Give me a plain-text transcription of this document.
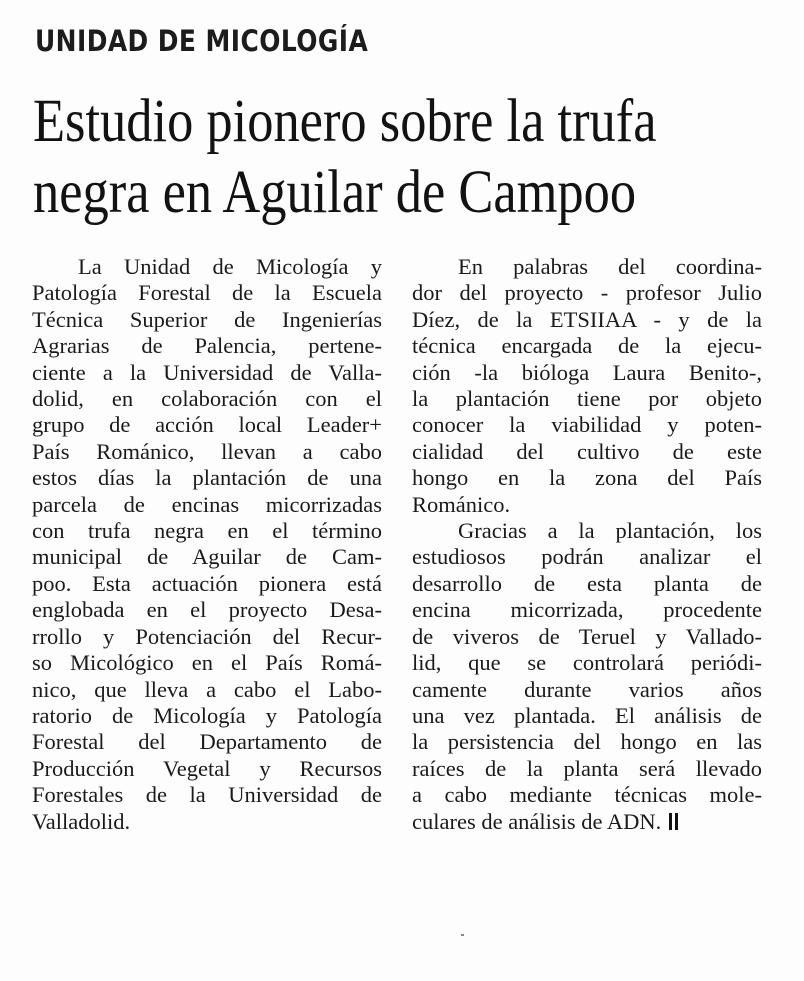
UNIDAD DE MICOLOGÍA
Estudio pionero sobre la trufa
negra en Aguilar de Campoo
La Unidad de Micología y
Patología Forestal de la Escuela
Técnica Superior de Ingenierías
Agrarias de Palencia, pertene-
ciente a la Universidad de Valla-
dolid, en colaboración con el
grupo de acción local Leader+
País Románico, llevan a cabo
estos días la plantación de una
parcela de encinas micorrizadas
con trufa negra en el término
municipal de Aguilar de Cam-
poo. Esta actuación pionera está
englobada en el proyecto Desa-
rrollo y Potenciación del Recur-
so Micológico en el País Romá-
nico, que lleva a cabo el Labo-
ratorio de Micología y Patología
Forestal del Departamento de
Producción Vegetal y Recursos
Forestales de la Universidad de
Valladolid.
En palabras del coordina-
dor del proyecto - profesor Julio
Díez, de la ETSIIAA - y de la
técnica encargada de la ejecu-
ción -la bióloga Laura Benito-,
la plantación tiene por objeto
conocer la viabilidad y poten-
cialidad del cultivo de este
hongo en la zona del País
Románico.
Gracias a la plantación, los
estudiosos podrán analizar el
desarrollo de esta planta de
encina micorrizada, procedente
de viveros de Teruel y Vallado-
lid, que se controlará periódi-
camente durante varios años
una vez plantada. El análisis de
la persistencia del hongo en las
raíces de la planta será llevado
a cabo mediante técnicas mole-
culares de análisis de ADN.
